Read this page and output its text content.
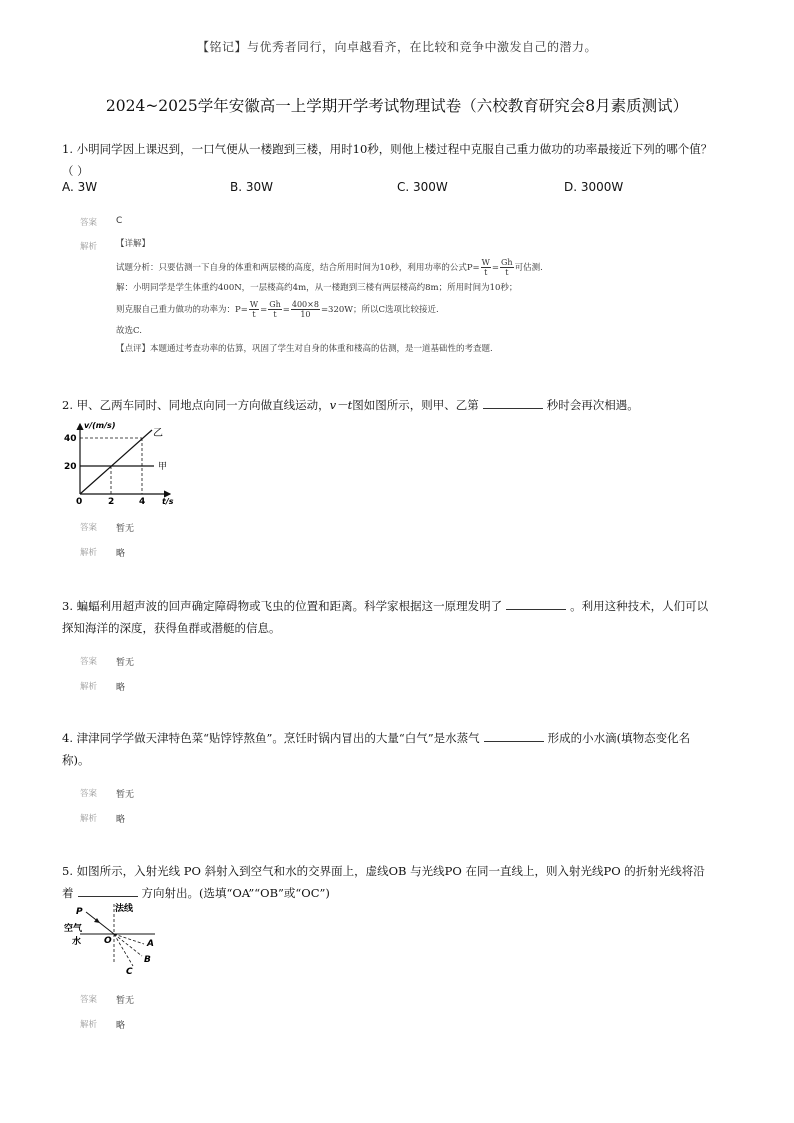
【铭记】与优秀者同行，向卓越看齐，在比较和竞争中激发自己的潜力。
2024~2025学年安徽高一上学期开学考试物理试卷（六校教育研究会8月素质测试）
1. 小明同学因上课迟到，一口气便从一楼跑到三楼，用时10秒，则他上楼过程中克服自己重力做功的功率最接近下列的哪个值？
（ ）
A. 3W	B. 30W	C. 300W	D. 3000W
答案 C
解析 【详解】
试题分析：只要估测一下自身的体重和两层楼的高度，结合所用时间为10秒，利用功率的公式$P= \frac{W}{t} = \frac{Gh}{t}$ 可估测.
解：小明同学是学生体重约400N，一层楼高约4m，从一楼跑到三楼有两层楼高约8m；所用时间为10秒；
则克服自己重力做功的功率为：$P= \frac{W}{t} = \frac{Gh}{t} = \frac{400\times 8}{10} =320W$；所以C选项比较接近.
故选C.
【点评】本题通过考查功率的估算，巩固了学生对自身的体重和楼高的估测，是一道基础性的考查题.
2. 甲、乙两车同时、同地点向同一方向做直线运动，v－t图如图所示，则甲、乙第	秒时会再次相遇。
v/(m/s)
t/s
40
20
0	2	4
乙
甲
答案 暂无
解析 略
3. 蝙蝠利用超声波的回声确定障碍物或飞虫的位置和距离。科学家根据这一原理发明了	。利用这种技术，人们可以
探知海洋的深度，获得鱼群或潜艇的信息。
答案 暂无
解析 略
4. 津津同学学做天津特色菜“贴饽饽熬鱼”。烹饪时锅内冒出的大量“白气”是水蒸气	形成的小水滴(填物态变化名
称)。
答案 暂无
解析 略
5. 如图所示，入射光线 PO 斜射入到空气和水的交界面上，虚线OB 与光线PO 在同一直线上，则入射光线PO 的折射光线将沿
着	方向射出。(选填“OA”“OB”或“OC”)
法线
空气
水
P
O	A
B
C
答案 暂无
解析 略
